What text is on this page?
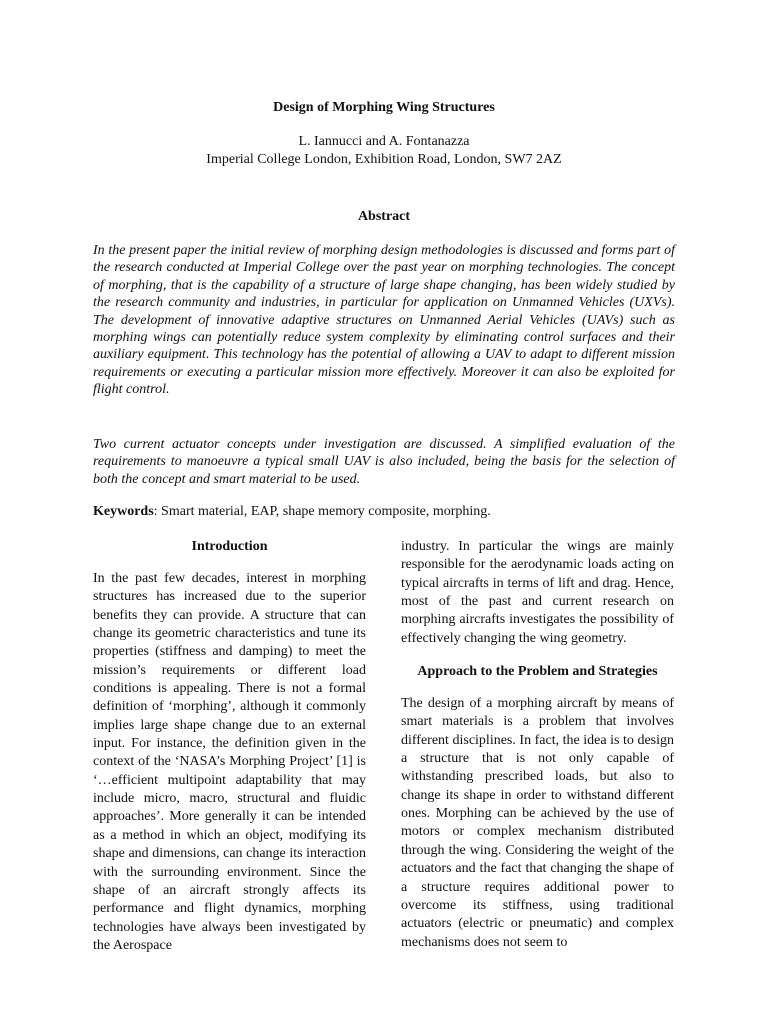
Design of Morphing Wing Structures
L. Iannucci and A. Fontanazza
Imperial College London, Exhibition Road, London, SW7 2AZ
Abstract

In the present paper the initial review of morphing design methodologies is discussed and forms part of the research conducted at Imperial College over the past year on morphing technologies. The concept of morphing, that is the capability of a structure of large shape changing, has been widely studied by the research community and industries, in particular for application on Unmanned Vehicles (UXVs). The development of innovative adaptive structures on Unmanned Aerial Vehicles (UAVs) such as morphing wings can potentially reduce system complexity by eliminating control surfaces and their auxiliary equipment. This technology has the potential of allowing a UAV to adapt to different mission requirements or executing a particular mission more effectively. Moreover it can also be exploited for flight control.

Two current actuator concepts under investigation are discussed. A simplified evaluation of the requirements to manoeuvre a typical small UAV is also included, being the basis for the selection of both the concept and smart material to be used.

Keywords: Smart material, EAP, shape memory composite, morphing.

Introduction

In the past few decades, interest in morphing structures has increased due to the superior benefits they can provide. A structure that can change its geometric characteristics and tune its properties (stiffness and damping) to meet the mission’s requirements or different load conditions is appealing. There is not a formal definition of ‘morphing’, although it commonly implies large shape change due to an external input. For instance, the definition given in the context of the ‘NASA’s Morphing Project’ [1] is ‘…efficient multipoint adaptability that may include micro, macro, structural and fluidic approaches’. More generally it can be intended as a method in which an object, modifying its shape and dimensions, can change its interaction with the surrounding environment. Since the shape of an aircraft strongly affects its performance and flight dynamics, morphing technologies have always been investigated by the Aerospace

industry. In particular the wings are mainly responsible for the aerodynamic loads acting on typical aircrafts in terms of lift and drag. Hence, most of the past and current research on morphing aircrafts investigates the possibility of effectively changing the wing geometry.

Approach to the Problem and Strategies

The design of a morphing aircraft by means of smart materials is a problem that involves different disciplines. In fact, the idea is to design a structure that is not only capable of withstanding prescribed loads, but also to change its shape in order to withstand different ones. Morphing can be achieved by the use of motors or complex mechanism distributed through the wing. Considering the weight of the actuators and the fact that changing the shape of a structure requires additional power to overcome its stiffness, using traditional actuators (electric or pneumatic) and complex mechanisms does not seem to
